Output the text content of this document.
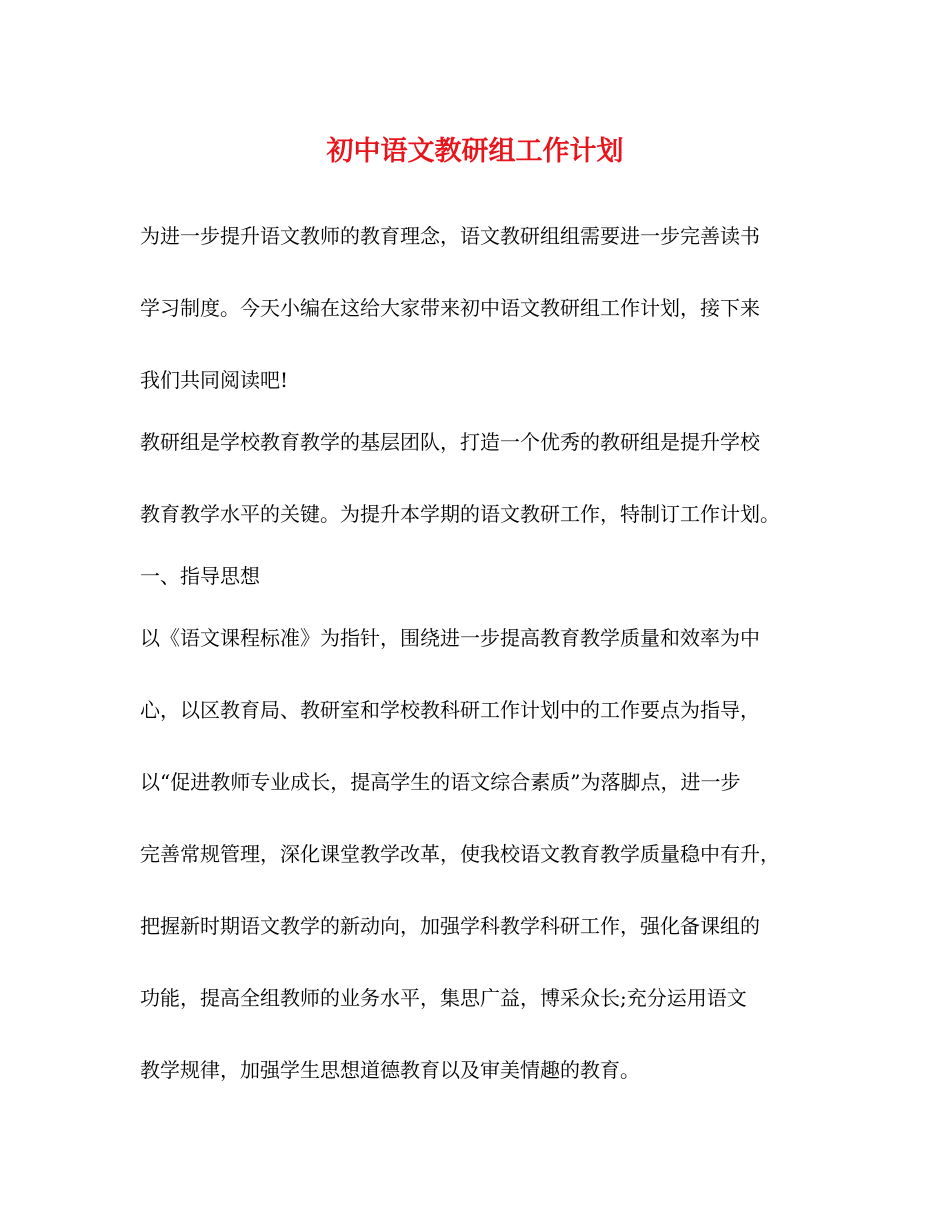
初中语文教研组工作计划
为进一步提升语文教师的教育理念，语文教研组组需要进一步完善读书
学习制度。今天小编在这给大家带来初中语文教研组工作计划，接下来
我们共同阅读吧!
教研组是学校教育教学的基层团队，打造一个优秀的教研组是提升学校
教育教学水平的关键。为提升本学期的语文教研工作，特制订工作计划。
一、指导思想
以《语文课程标准》为指针，围绕进一步提高教育教学质量和效率为中
心，以区教育局、教研室和学校教科研工作计划中的工作要点为指导，
以“促进教师专业成长，提高学生的语文综合素质”为落脚点，进一步
完善常规管理，深化课堂教学改革，使我校语文教育教学质量稳中有升，
把握新时期语文教学的新动向，加强学科教学科研工作，强化备课组的
功能，提高全组教师的业务水平，集思广益，博采众长;充分运用语文
教学规律，加强学生思想道德教育以及审美情趣的教育。
